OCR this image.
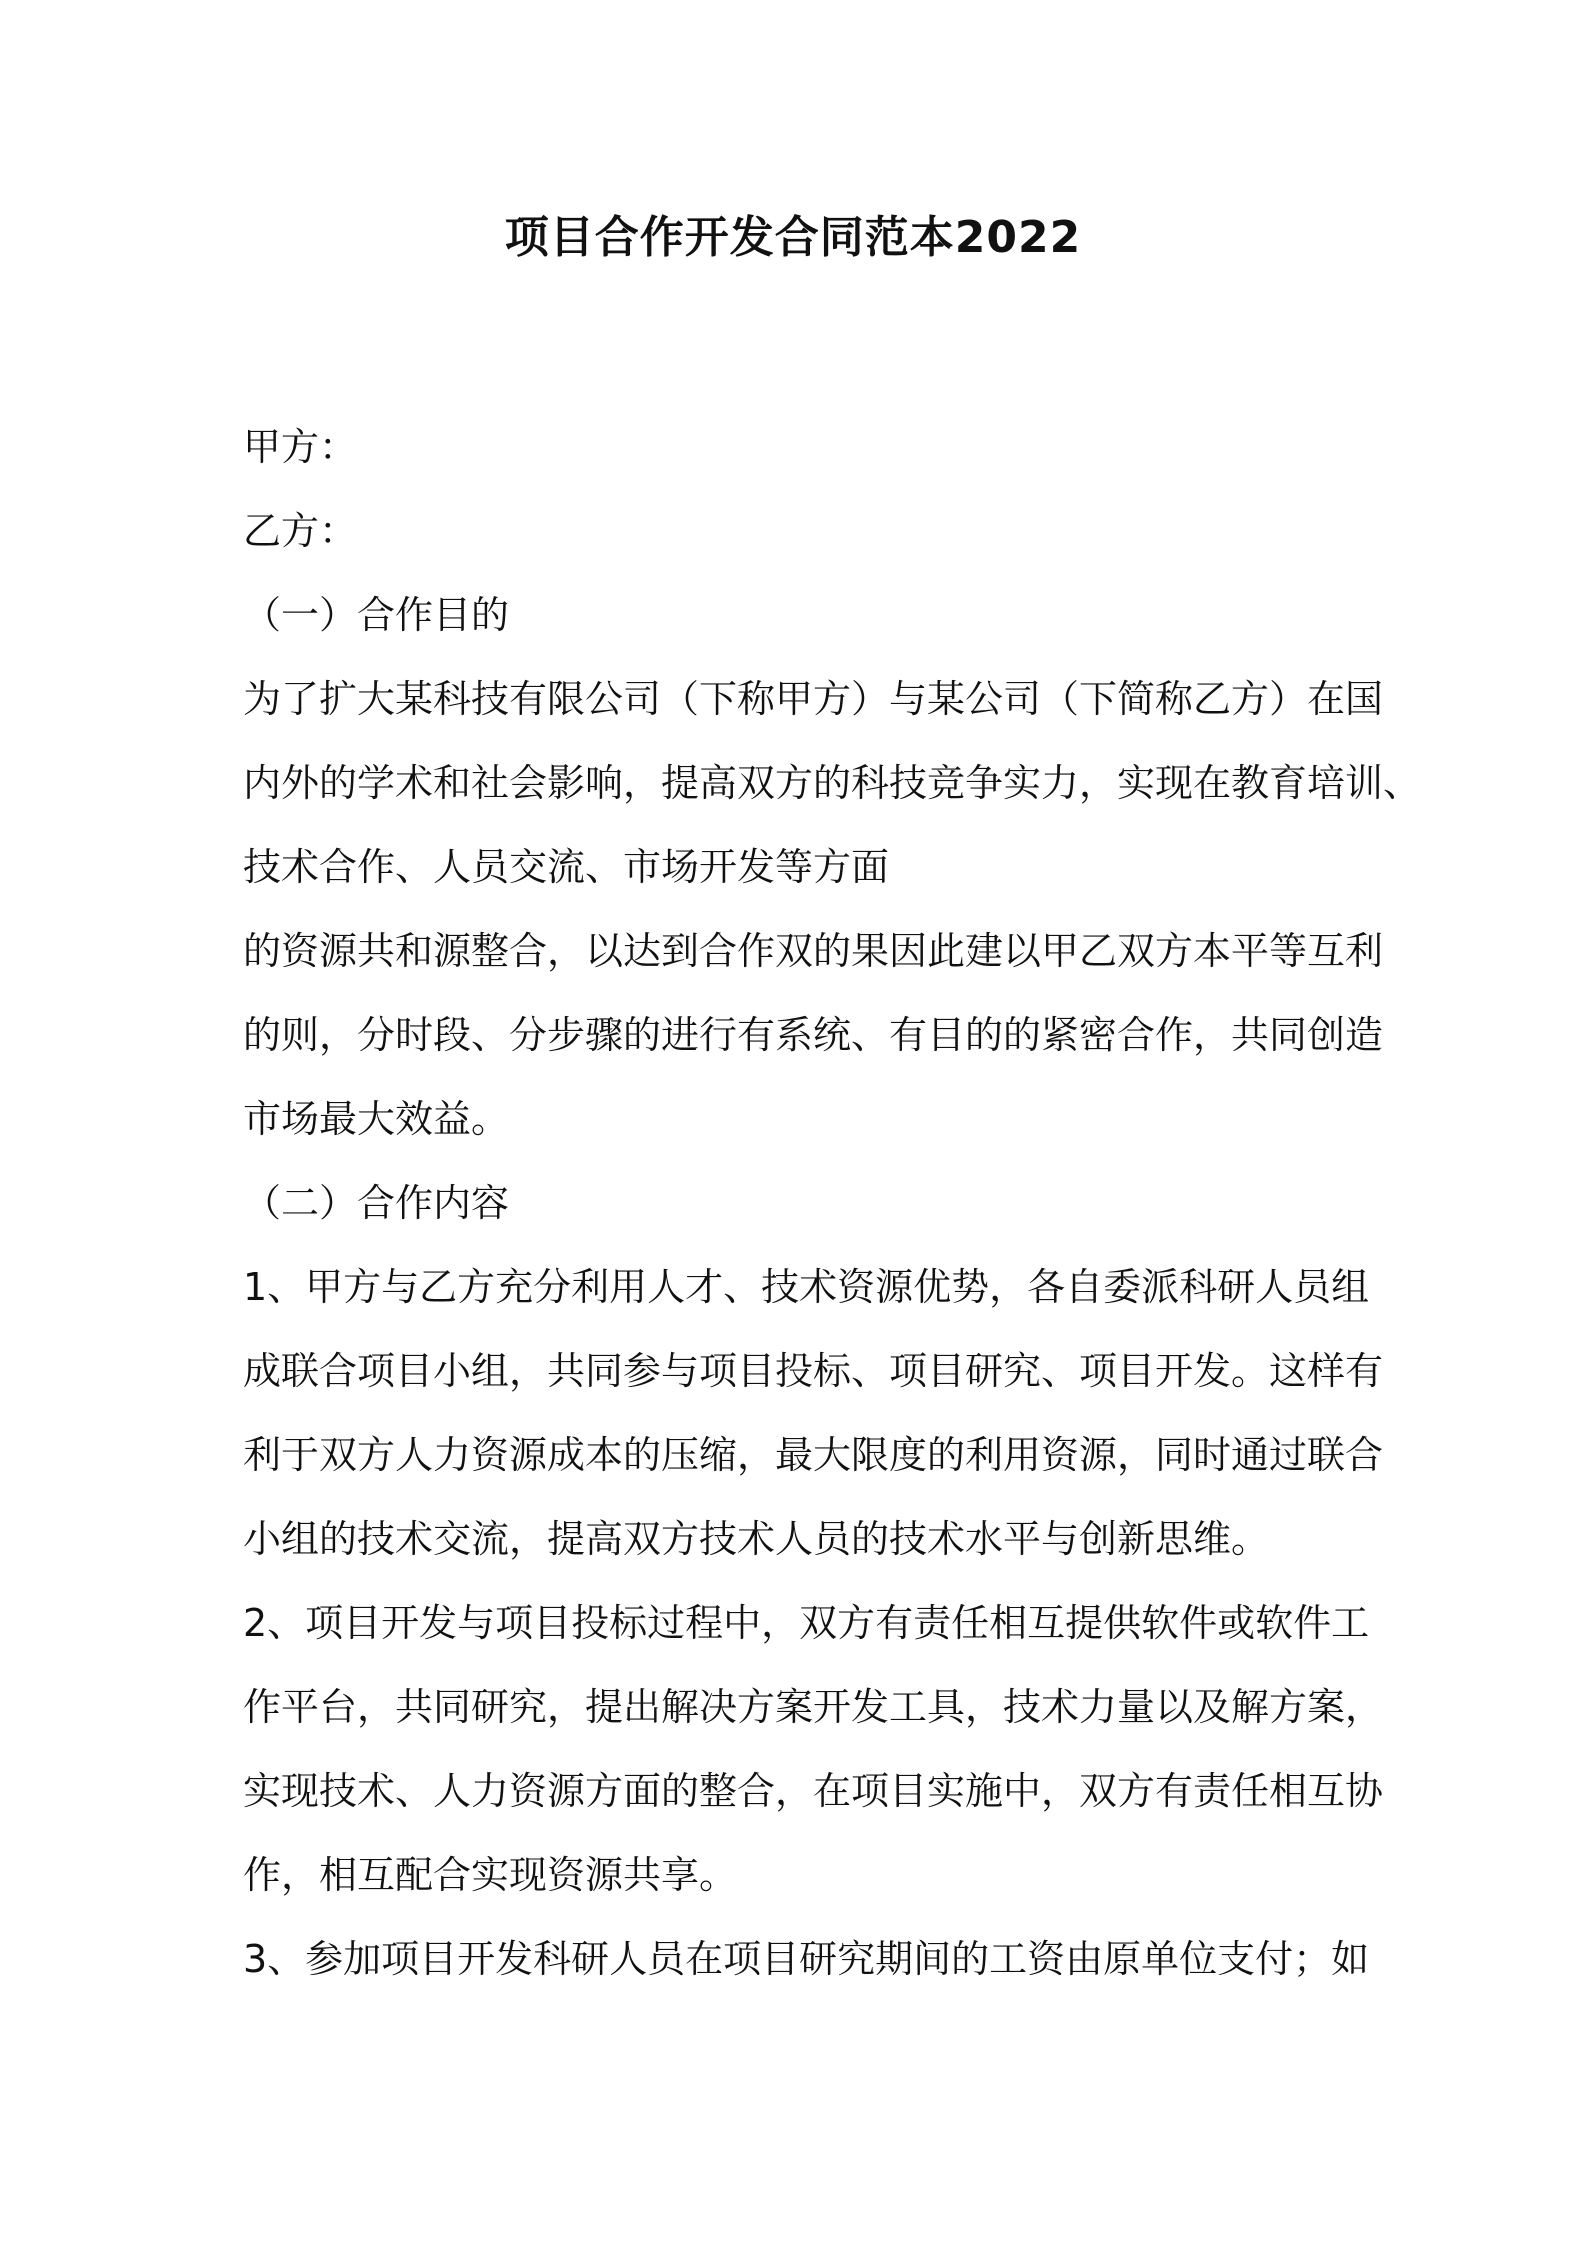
项目合作开发合同范本2022
甲方：
乙方：
（一）合作目的
为了扩大某科技有限公司（下称甲方）与某公司（下简称乙方）在国
内外的学术和社会影响，提高双方的科技竞争实力，实现在教育培训、
技术合作、人员交流、市场开发等方面
的资源共和源整合，以达到合作双的果因此建以甲乙双方本平等互利
的则，分时段、分步骤的进行有系统、有目的的紧密合作，共同创造
市场最大效益。
（二）合作内容
1、甲方与乙方充分利用人才、技术资源优势，各自委派科研人员组
成联合项目小组，共同参与项目投标、项目研究、项目开发。这样有
利于双方人力资源成本的压缩，最大限度的利用资源，同时通过联合
小组的技术交流，提高双方技术人员的技术水平与创新思维。
2、项目开发与项目投标过程中，双方有责任相互提供软件或软件工
作平台，共同研究，提出解决方案开发工具，技术力量以及解方案，
实现技术、人力资源方面的整合，在项目实施中，双方有责任相互协
作，相互配合实现资源共享。
3、参加项目开发科研人员在项目研究期间的工资由原单位支付；如
